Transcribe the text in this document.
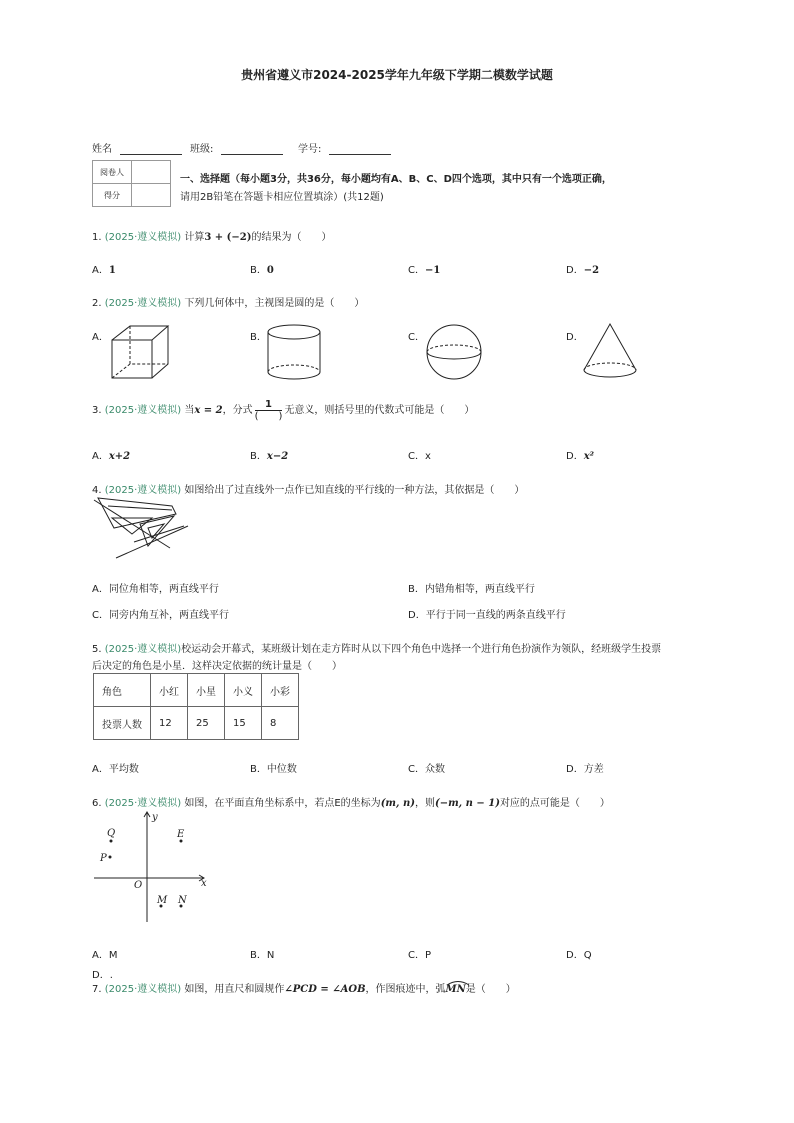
贵州省遵义市2024-2025学年九年级下学期二模数学试题
姓名	班级:	学号:
阅卷人	
得分	
一、选择题（每小题3分，共36分，每小题均有A、B、C、D四个选项，其中只有一个选项正确，
请用2B铅笔在答题卡相应位置填涂）(共12题)
1. (2025·遵义模拟) 计算3 + (−2)的结果为（　　）
A．1	B．0	C．−1	D．−2
2. (2025·遵义模拟) 下列几何体中，主视图是圆的是（　　）
A．	B．	C．	D．
3. (2025·遵义模拟) 当x = 2，分式 $\frac{1}{( )}$ 无意义，则括号里的代数式可能是（　　）
A．x+2	B．x−2	C．x	D．x²
4. (2025·遵义模拟) 如图给出了过直线外一点作已知直线的平行线的一种方法，其依据是（　　）
A．同位角相等，两直线平行	B．内错角相等，两直线平行
C．同旁内角互补，两直线平行	D．平行于同一直线的两条直线平行
5. (2025·遵义模拟)校运动会开幕式，某班级计划在走方阵时从以下四个角色中选择一个进行角色扮演作为领队，经班级学生投票
后决定的角色是小星．这样决定依据的统计量是（　　）
角色	小红	小星	小义	小彩
投票人数	12	25	15	8
A．平均数	B．中位数	C．众数	D．方差
6. (2025·遵义模拟) 如图，在平面直角坐标系中，若点E的坐标为(m, n)，则(−m, n − 1)对应的点可能是（　　）
y
x
O
Q
P
E
M N
A．M	B．N	C．P	D．Q
D．.
7. (2025·遵义模拟) 如图，用直尺和圆规作∠PCD = ∠AOB，作图痕迹中，弧
MN是（　　）
